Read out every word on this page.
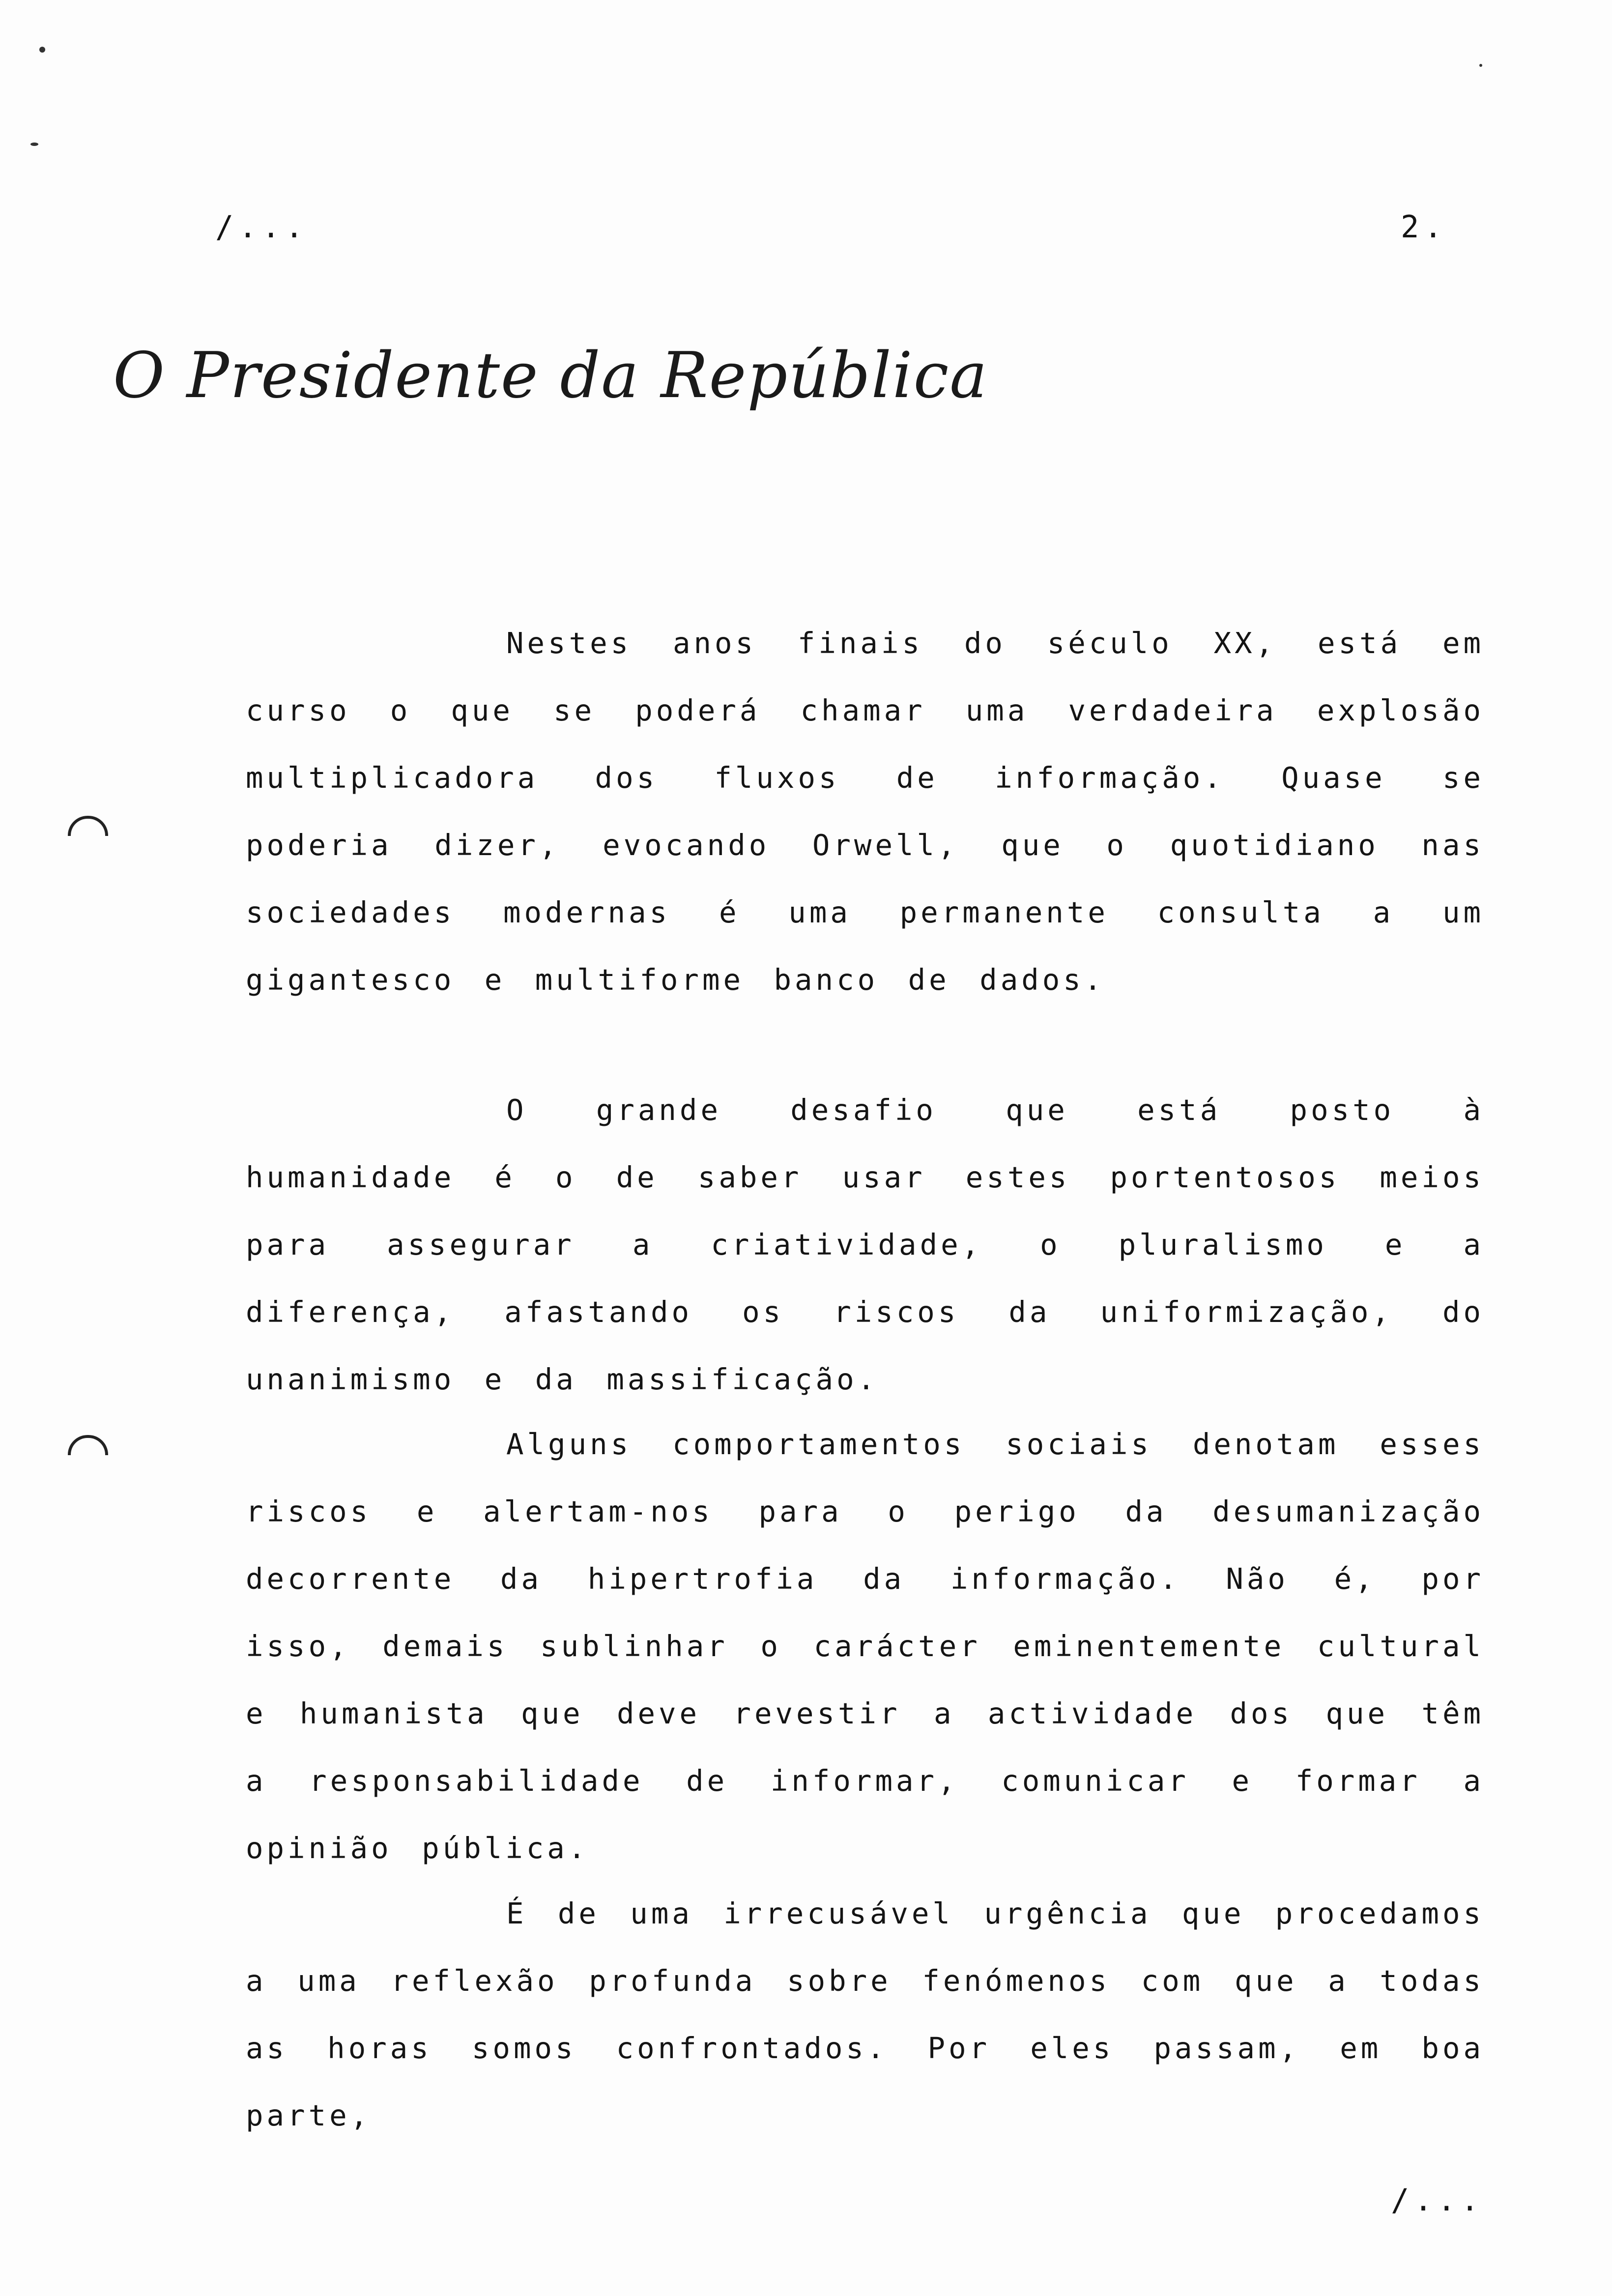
/...	2.
O Presidente da República

Nestes anos finais do século XX, está em curso o que se poderá chamar uma verdadeira explosão multiplicadora dos fluxos de informação. Quase se poderia dizer, evocando Orwell, que o quotidiano nas sociedades modernas é uma permanente consulta a um gigantesco e multiforme banco de dados.

O grande desafio que está posto à humanidade é o de saber usar estes portentosos meios para assegurar a criatividade, o pluralismo e a diferença, afastando os riscos da uniformização, do unanimismo e da massificação.

Alguns comportamentos sociais denotam esses riscos e alertam-nos para o perigo da desumanização decorrente da hipertrofia da informação. Não é, por isso, demais sublinhar o carácter eminentemente cultural e humanista que deve revestir a actividade dos que têm a responsabilidade de informar, comunicar e formar a opinião pública.

É de uma irrecusável urgência que procedamos a uma reflexão profunda sobre fenómenos com que a todas as horas somos confrontados. Por eles passam, em boa parte,

/...
